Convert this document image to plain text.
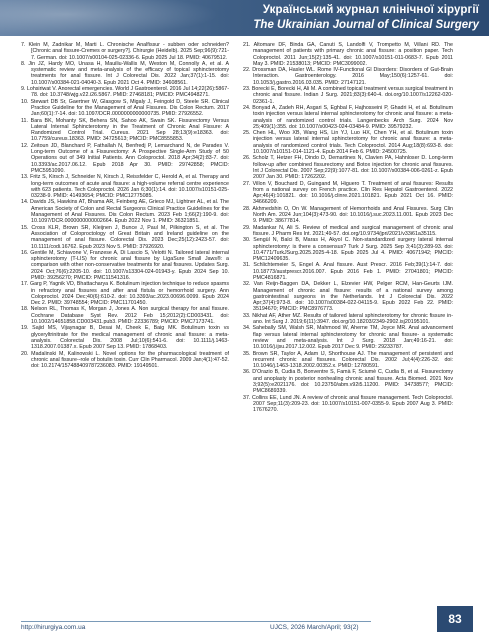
Український журнал клінічної хірургії
The Ukrainian Journal of Clinical Surgery

7. Klein M, Zadnikar M, Marti L. Chronische Analfissur - subben oder schneiden? [Chronic anal fissure-Cremes or surgery?]. Chirurgie (Heidelb). 2025 Sep;96(9):721-7. German. doi: 10.1007/s00104-025-02336-6. Epub 2025 Jul 18. PMID: 40679512.

8. Jin JZ, Hardy MO, Unasa H, Mauiliu-Wallis M, Weston M, Connolly A, et al. A systematic review and meta-analysis of the efficacy of topical sphincterotomy treatments for anal fissure. Int J Colorectal Dis. 2022 Jan;37(1):1-15. doi: 10.1007/s00384-021-04040-3. Epub 2021 Oct 4. PMID: 34608561.

9. Lohsiriwat V. Anorectal emergencies. World J Gastroenterol. 2016 Jul 14;22(26):5867-78. doi: 10.3748/wjg.v22.i26.5867. PMID: 27468181; PMCID: PMC4948271.

10. Stewart DB Sr, Gaertner W, Glasgow S, Migaly J, Feingold D, Steele SR. Clinical Practice Guideline for the Management of Anal Fissures. Dis Colon Rectum. 2017 Jan;60(1):7-14. doi: 10.1097/DCR.0000000000000735. PMID: 27926552.

11. Bara BK, Mohanty SK, Behera SN, Sahoo AK, Swain SK. Fissurectomy Versus Lateral Internal Sphincterotomy in the Treatment of Chronic Anal Fissure: A Randomized Control Trial. Cureus. 2021 Sep 28;13(9):e18363. doi: 10.7759/cureus.18363. PMID: 34725613; PMCID: PMC8555853.

12. Zeitoun JD, Blanchard P, Fathallah N, Benfredj P, Lemarchand N, de Parades V. Long-term Outcome of a Fissurectomy: A Prospective Single-Arm Study of 50 Operations out of 349 Initial Patients. Ann Coloproctol. 2018 Apr;34(2):83-7. doi: 10.3393/ac.2017.06.12. Epub 2018 Apr 30. PMID: 29742858; PMCID: PMC5951090.

13. Fritz S, Kirsch J, Schneider N, Kirsch J, Reissfelder C, Herold A, et al. Therapy and long-term outcomes of acute anal fissure: a high-volume referral centre experience with 623 patients. Tech Coloproctol. 2026 Jan 6;30(1):14. doi: 10.1007/s10151-025-03238-9. PMID: 41493654; PMCID: PMC12775085.

14. Davids JS, Hawkins AT, Bhama AR, Feinberg AE, Grieco MJ, Lightner AL, et al. The American Society of Colon and Rectal Surgeons Clinical Practice Guidelines for the Management of Anal Fissures. Dis Colon Rectum. 2023 Feb 1;66(2):190-9. doi: 10.1097/DCR.0000000000002664. Epub 2022 Nov 1. PMID: 36321851.

15. Cross KLR, Brown SR, Kleijnen J, Bunce J, Paul M, Pilkington S, et al. The Association of Coloproctology of Great Britain and Ireland guideline on the management of anal fissure. Colorectal Dis. 2023 Dec;25(12):2423-57. doi: 10.1111/codi.16762. Epub 2023 Nov 5. PMID: 37926920.

16. Gentile M, Schiavone V, Franzese A, Di Lascio S, Velotti N. Tailored lateral internal sphincterotomy (T-LIS) for chronic anal fissure by LigaSure Small Jaws®: a comparison with other non-conservative treatments for anal fissures. Updates Surg. 2024 Oct;76(6):2205-10. doi: 10.1007/s13304-024-01943-y. Epub 2024 Sep 10. PMID: 39256270; PMCID: PMC11541316.

17. Garg P, Yagnik VD, Bhattacharya K. Botulinum injection technique to reduce spasms in refractory anal fissures and after anal fistula or hemorrhoid surgery. Ann Coloproctol. 2024 Dec;40(6):610-2. doi: 10.3393/ac.2023.00696.0099. Epub 2024 Dec 2. PMID: 39748554; PMCID: PMC11701450.

18. Nelson RL, Thomas K, Morgan J, Jones A. Non surgical therapy for anal fissure. Cochrane Database Syst Rev. 2012 Feb 15;2012(2):CD003431. doi: 10.1002/14651858.CD003431.pub3. PMID: 22336789; PMCID: PMC7173741.

19. Sajid MS, Vijaynagar B, Desai M, Cheek E, Baig MK. Botulinum toxin vs glyceryltrinitrate for the medical management of chronic anal fissure: a meta-analysis. Colorectal Dis. 2008 Jul;10(6):541-6. doi: 10.1111/j.1463-1318.2007.01387.x. Epub 2007 Sep 13. PMID: 17868403.

20. Madalinski M, Kalinowski L. Novel options for the pharmacological treatment of chronic anal fissure--role of botulin toxin. Curr Clin Pharmacol. 2009 Jan;4(1):47-52. doi: 10.2174/157488409787236083. PMID: 19149501.

21. Altomare DF, Binda GA, Canuti S, Landolfi V, Trompetto M, Villani RD. The management of patients with primary chronic anal fissure: a position paper. Tech Coloproctol. 2011 Jun;15(2):135-41. doi: 10.1007/s10151-011-0683-7. Epub 2011 May 3. PMID: 21538013; PMCID: PMC3099002.

22. Drossman DA, Hasler WL. Rome IV-Functional GI Disorders: Disorders of Gut-Brain Interaction. Gastroenterology. 2016 May;150(6):1257-61. doi: 10.1053/j.gastro.2016.03.035. PMID: 27147121.

23. Borecki E, Borecki H, Ali M. A combined topical treatment versus surgical treatment in chronic anal fissure. Indian J Surg. 2021;83(3):640-4. doi.org/10.1007/s12262-020-02361-1.

24. Bonyad A, Zadeh RH, Asgari S, Eghbal F, Hajhosseini P, Ghadri H, et al. Botulinum toxin injection versus lateral internal sphincterotomy for chronic anal fissure: a meta-analysis of randomized control trials. Langenbecks Arch Surg. 2024 Nov 25;409(1):355. doi: 10.1007/s00423-024-03484-9. PMID: 39579232.

25. Chen HL, Woo XB, Wang HS, Lin YJ, Luo HX, Chen YH, et al. Botulinum toxin injection versus lateral internal sphincterotomy for chronic anal fissure: a meta-analysis of randomized control trials. Tech Coloproctol. 2014 Aug;18(8):693-8. doi: 10.1007/s10151-014-1121-4. Epub 2014 Feb 6. PMID: 24500725.

26. Scholz T, Hetzer FH, Dindo D, Demartines N, Clavien PA, Hahnloser D. Long-term follow-up after combined fissurectomy and Botox injection for chronic anal fissures. Int J Colorectal Dis. 2007 Sep;22(9):1077-81. doi: 10.1007/s00384-006-0261-z. Epub 2007 Jan 30. PMID: 17262202.

27. Villon V, Bouchard D, Guingand M, Higuero T. Treatment of anal fissures: Results from a national survey on French practice. Clin Res Hepatol Gastroenterol. 2022 Apr;46(4):101821. doi: 10.1016/j.clinre.2021.101821. Epub 2021 Oct 16. PMID: 34666209.

28. Akhmedshin O, On W. Management of Hemorrhoids and Anal Fissures. Surg Clin North Am. 2024 Jun;104(3):473-90. doi: 10.1016/j.suc.2023.11.001. Epub 2023 Dec 9. PMID: 38677814.

29. Madankar N, Ali S. Review of medical and surgical management of chronic anal fissure. J Pharm Res Int. 2021;49-57. doi.org/10.9734/jpri/2021/v33i61a35115.

30. Sengül N, Balci B, Maras H, Akyol C. Non-standardized surgery lateral internal sphincterotomy: is there a consensus? Turk J Surg. 2025 Sep 3;41(3):289-93. doi: 10.4771/TurkJSurg.2025.2025-4-18. Epub 2025 Jul 4. PMID: 40671942; PMCID: PMC12409635.

31. Schlichtemeier S, Engel A. Anal fissure. Aust Prescr. 2016 Feb;39(1):14-7. doi: 10.18773/austprescr.2016.007. Epub 2016 Feb 1. PMID: 27041801; PMCID: PMC4816871.

32. Van Reijn-Baggen DA, Dekker L, Elzevier HW, Pelger RCM, Han-Geurts IJM. Management of chronic anal fissure: results of a national survey among gastrointestinal surgeons in the Netherlands. Int J Colorectal Dis. 2022 Apr;37(4):973-8. doi: 10.1007/s00384-022-04115-9. Epub 2022 Feb 22. PMID: 35194670; PMCID: PMC8976773.

33. Nikhat AF, Ather MZ. Results of tailored lateral sphincterotomy for chronic fissure in-ano. Int Surg J. 2019;6(11):3947. doi.org/10.18203/2349-2902.isj20195101.

34. Sahebally SM, Walsh SR, Mahmood W, Aherne TM, Joyce MR. Anal advancement flap versus lateral internal sphincterotomy for chronic anal fissure- a systematic review and meta-analysis. Int J Surg. 2018 Jan;49:16-21. doi: 10.1016/j.ijsu.2017.12.002. Epub 2017 Dec 9. PMID: 29233787.

35. Brown SR, Taylor A, Adam IJ, Shorthouse AJ. The management of persistent and recurrent chronic anal fissures. Colorectal Dis. 2002 Jul;4(4):226-32. doi: 10.1046/j.1463-1318.2002.00352.x. PMID: 12780591.

36. D'Orazio B, Cudia B, Bonventre S, Famà F, Sciumè C, Cudia B, et al. Fissurectomy and anoplasty in posterior nonhealing chronic anal fissure. Acta Biomed. 2021 Nov 3;92(5):e2021176. doi: 10.23750/abm.v92i5.11200. PMID: 34738577; PMCID: PMC8689339.

37. Collins EE, Lund JN. A review of chronic anal fissure management. Tech Coloproctol. 2007 Sep;11(3):209-23. doi: 10.1007/s10151-007-0355-9. Epub 2007 Aug 3. PMID: 17676270.

http://hirurgiya.com.ua	UJCS, 2026 March/April; 93(2)
83
